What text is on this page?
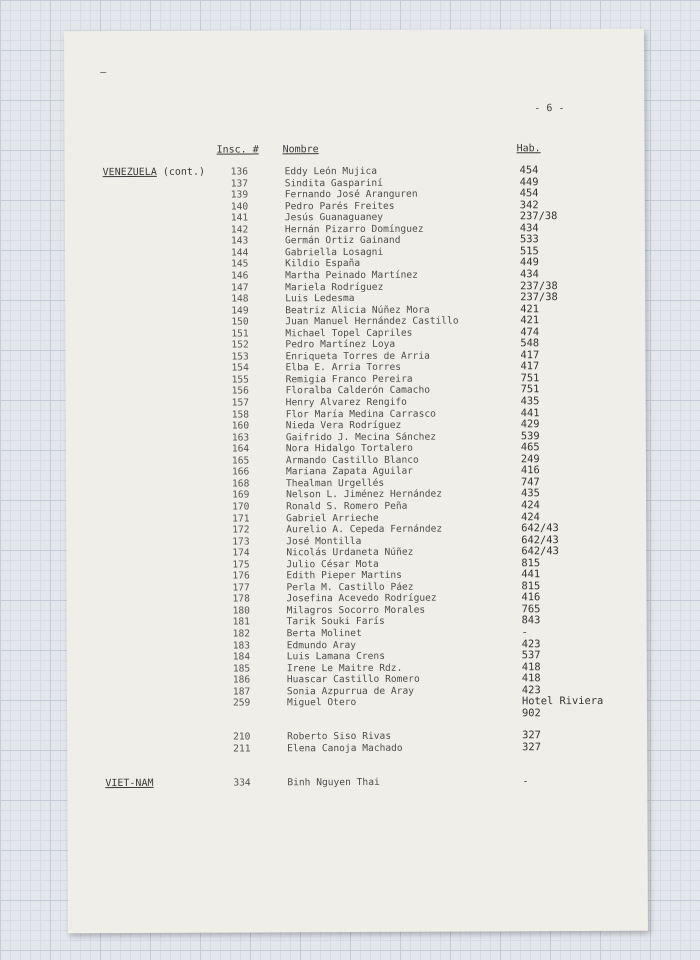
—
- 6 -
Insc. # Nombre	Hab.
VENEZUELA (cont.)	136	Eddy León Mujica	454
137	Sindita Gaspariní	449
139	Fernando José Aranguren	454
140	Pedro Parés Freites	342
141	Jesús Guanaguaney	237/38
142	Hernán Pizarro Domínguez	434
143	Germán Ortiz Gainand	533
144	Gabriella Losagni	515
145	Kildio España	449
146	Martha Peinado Martínez	434
147	Mariela Rodríguez	237/38
148	Luis Ledesma	237/38
149	Beatriz Alicia Núñez Mora	421
150	Juan Manuel Hernández Castillo	421
151	Michael Topel Capriles	474
152	Pedro Martínez Loya	548
153	Enriqueta Torres de Arria	417
154	Elba E. Arria Torres	417
155	Remigia Franco Pereira	751
156	Floralba Calderón Camacho	751
157	Henry Alvarez Rengifo	435
158	Flor María Medina Carrasco	441
160	Nieda Vera Rodríguez	429
163	Gaifrido J. Mecina Sánchez	539
164	Nora Hidalgo Tortalero	465
165	Armando Castillo Blanco	249
166	Mariana Zapata Aguilar	416
168	Thealman Urgellés	747
169	Nelson L. Jiménez Hernández	435
170	Ronald S. Romero Peña	424
171	Gabriel Arrieche	424
172	Aurelio A. Cepeda Fernández	642/43
173	José Montilla	642/43
174	Nicolás Urdaneta Núñez	642/43
175	Julio César Mota	815
176	Edith Pieper Martins	441
177	Perla M. Castillo Páez	815
178	Josefina Acevedo Rodríguez	416
180	Milagros Socorro Morales	765
181	Tarik Souki Farís	843
182	Berta Molinet	-
183	Edmundo Aray	423
184	Luis Lamana Crens	537
185	Irene Le Maitre Rdz.	418
186	Huascar Castillo Romero	418
187	Sonia Azpurrua de Aray	423
259	Miguel Otero	Hotel Riviera
902
210	Roberto Siso Rivas	327
211	Elena Canoja Machado	327
VIET-NAM	334	Binh Nguyen Thai	-
